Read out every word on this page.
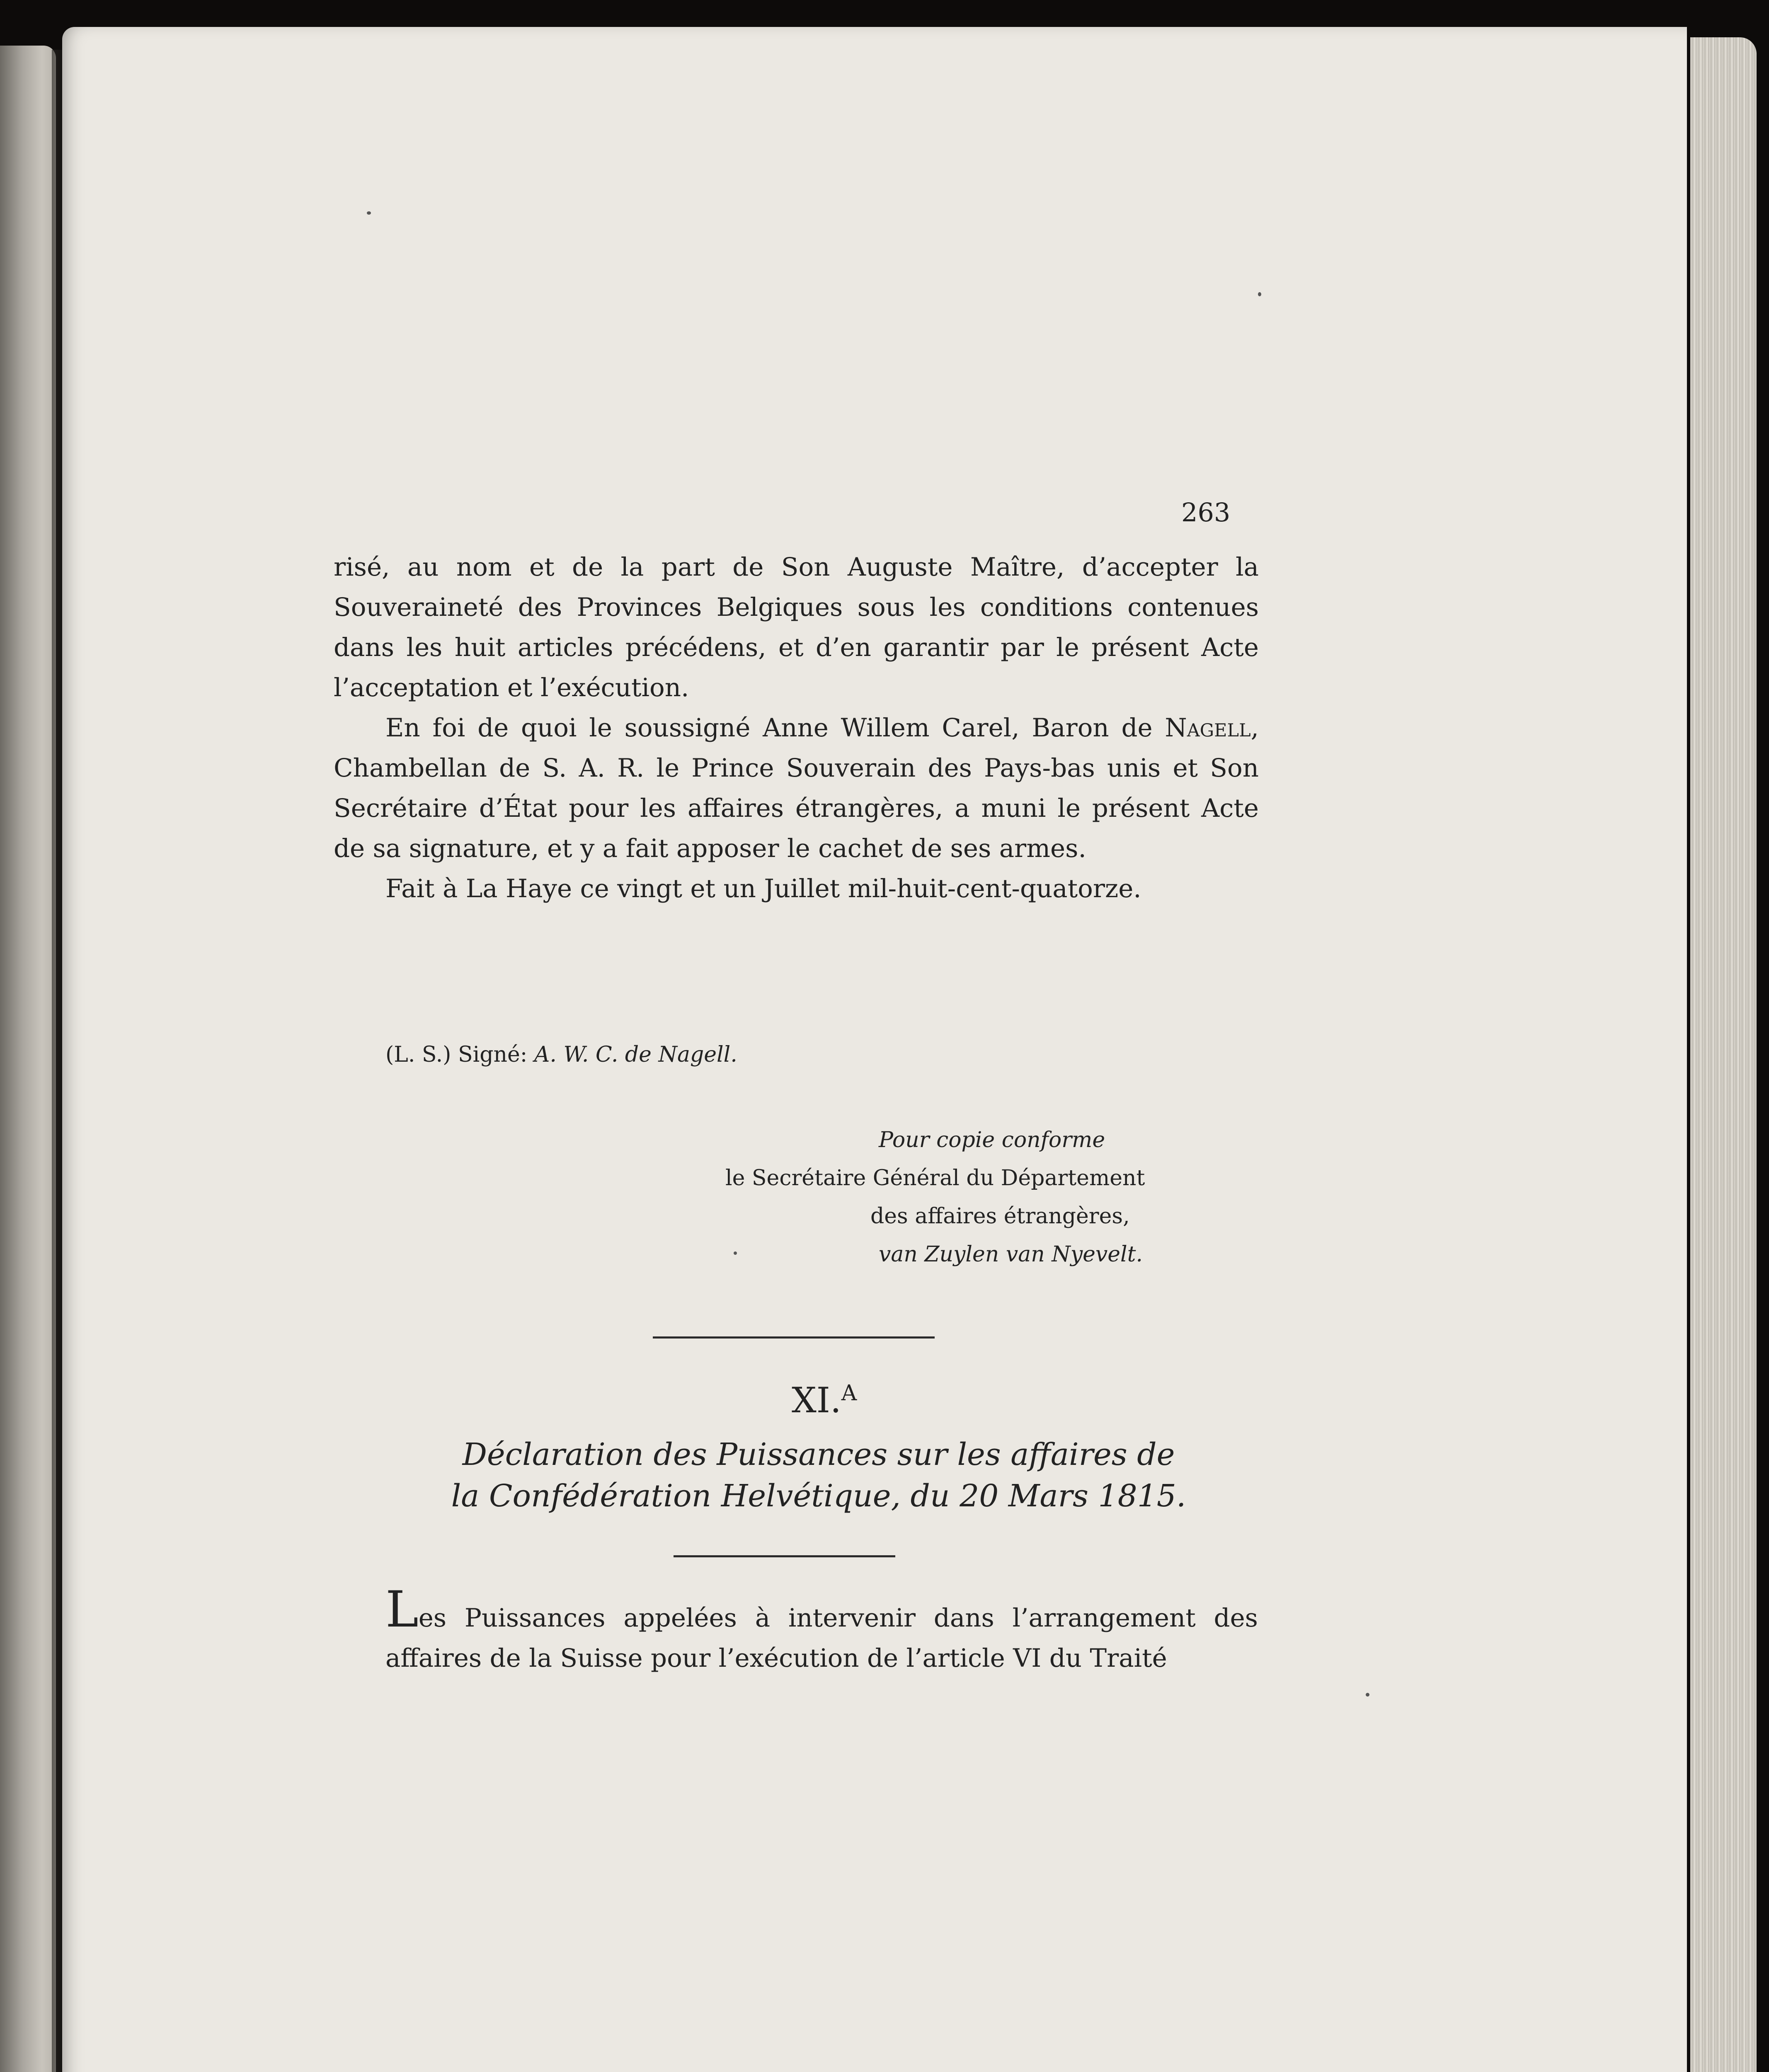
263

risé, au nom et de la part de Son Auguste Maître, d’accepter la Souveraineté des Provinces Belgiques sous les conditions contenues dans les huit articles précédens, et d’en garantir par le présent Acte l’acceptation et l’exécution.

En foi de quoi le soussigné Anne Willem Carel, Baron de Nagell, Chambellan de S. A. R. le Prince Souverain des Pays-bas unis et Son Secrétaire d’État pour les affaires étrangères, a muni le présent Acte de sa signature, et y a fait apposer le cachet de ses armes.

Fait à La Haye ce vingt et un Juillet mil-huit-cent-quatorze.

(L. S.) Signé: A. W. C. de Nagell.
Pour copie conforme
le Secrétaire Général du Département
des affaires étrangères,
van Zuylen van Nyevelt.
XI.$^A$
Déclaration des Puissances sur les affaires de
la Confédération Helvétique, du 20 Mars 1815.
Les Puissances appelées à intervenir dans l’arrangement des affaires de la Suisse pour l’exécution de l’article VI du Traité
